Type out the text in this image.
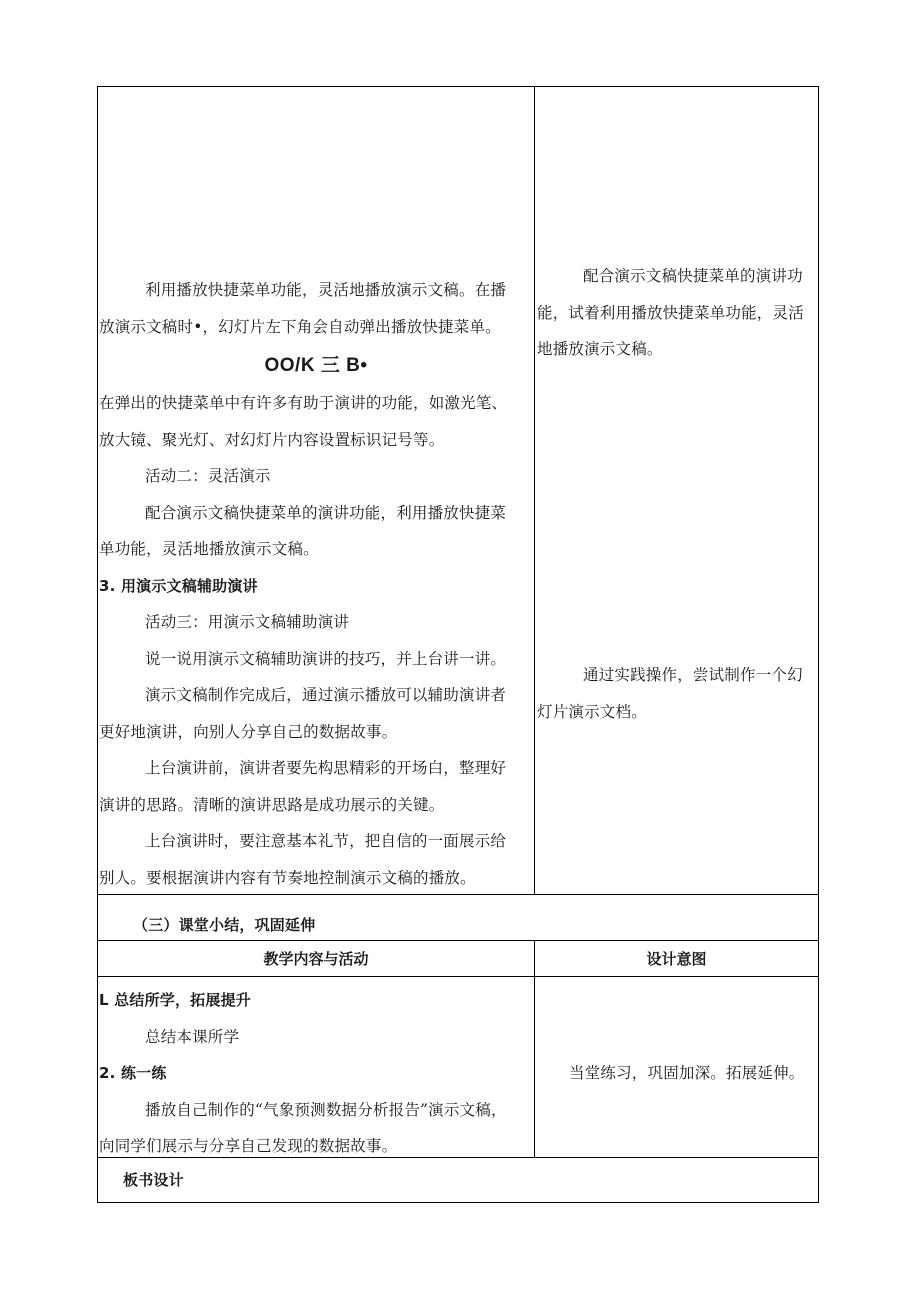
利用播放快捷菜单功能，灵活地播放演示文稿。在播

放演示文稿时•，幻灯片左下角会自动弹出播放快捷菜单。

OO/K 三 B•

在弹出的快捷菜单中有许多有助于演讲的功能，如激光笔、

放大镜、聚光灯、对幻灯片内容设置标识记号等。

活动二：灵活演示

配合演示文稿快捷菜单的演讲功能，利用播放快捷菜

单功能，灵活地播放演示文稿。

3. 用演示文稿辅助演讲

活动三：用演示文稿辅助演讲

说一说用演示文稿辅助演讲的技巧，并上台讲一讲。

演示文稿制作完成后，通过演示播放可以辅助演讲者

更好地演讲，向别人分享自己的数据故事。

上台演讲前，演讲者要先构思精彩的开场白，整理好

演讲的思路。清晰的演讲思路是成功展示的关键。

上台演讲时，要注意基本礼节，把自信的一面展示给

别人。要根据演讲内容有节奏地控制演示文稿的播放。

配合演示文稿快捷菜单的演讲功

能，试着利用播放快捷菜单功能，灵活

地播放演示文稿。

通过实践操作，尝试制作一个幻

灯片演示文档。

（三）课堂小结，巩固延伸

教学内容与活动	设计意图

L 总结所学，拓展提升

总结本课所学

2. 练一练

播放自己制作的“气象预测数据分析报告”演示文稿，

向同学们展示与分享自己发现的数据故事。

当堂练习，巩固加深。拓展延伸。

板书设计
